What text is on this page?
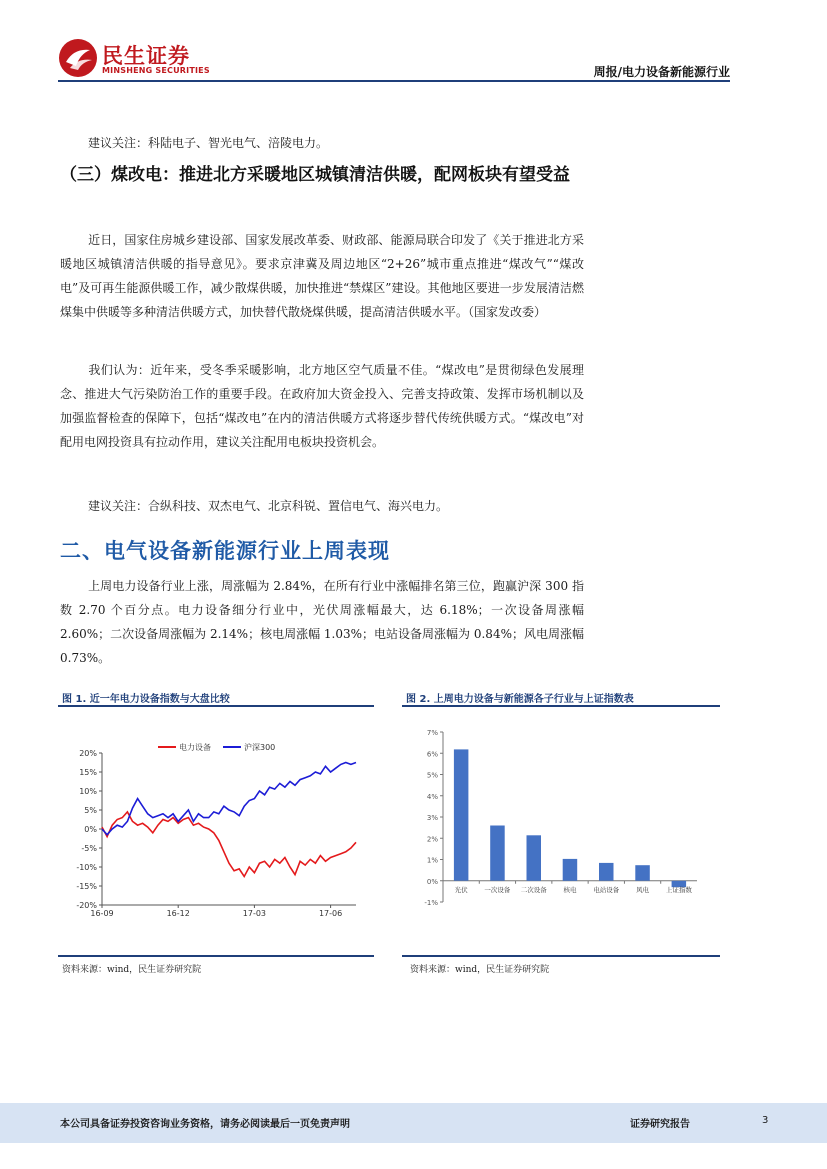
民生证券
MINSHENG SECURITIES	周报/电力设备新能源行业
建议关注：科陆电子、智光电气、涪陵电力。
（三）煤改电：推进北方采暖地区城镇清洁供暖，配网板块有望受益
近日，国家住房城乡建设部、国家发展改革委、财政部、能源局联合印发了《关于推进北方采暖地区城镇清洁供暖的指导意见》。要求京津冀及周边地区“2+26”城市重点推进“煤改气”“煤改电”及可再生能源供暖工作，减少散煤供暖，加快推进“禁煤区”建设。其他地区要进一步发展清洁燃煤集中供暖等多种清洁供暖方式，加快替代散烧煤供暖，提高清洁供暖水平。（国家发改委）
我们认为：近年来，受冬季采暖影响，北方地区空气质量不佳。“煤改电”是贯彻绿色发展理念、推进大气污染防治工作的重要手段。在政府加大资金投入、完善支持政策、发挥市场机制以及加强监督检查的保障下，包括“煤改电”在内的清洁供暖方式将逐步替代传统供暖方式。“煤改电”对配用电网投资具有拉动作用，建议关注配用电板块投资机会。
建议关注：合纵科技、双杰电气、北京科锐、置信电气、海兴电力。
二、电气设备新能源行业上周表现
上周电力设备行业上涨，周涨幅为 2.84%，在所有行业中涨幅排名第三位，跑赢沪深 300 指数 2.70 个百分点。电力设备细分行业中，光伏周涨幅最大，达 6.18%；一次设备周涨幅 2.60%；二次设备周涨幅为 2.14%；核电周涨幅 1.03%；电站设备周涨幅为 0.84%；风电周涨幅 0.73%。
图 1. 近一年电力设备指数与大盘比较
20%
15%
10%
5%
0%
-5%
-10%
-15%
-20%
16-09	16-12	17-03	17-06
电力设备	沪深300
资料来源：wind，民生证券研究院
图 2. 上周电力设备与新能源各子行业与上证指数表
7%
6%
5%
4%
3%
2%
1%
0%
-1%
光伏	一次设备 二次设备	核电	电站设备	风电	上证指数
资料来源：wind，民生证券研究院
本公司具备证券投资咨询业务资格，请务必阅读最后一页免责声明	证券研究报告	3
